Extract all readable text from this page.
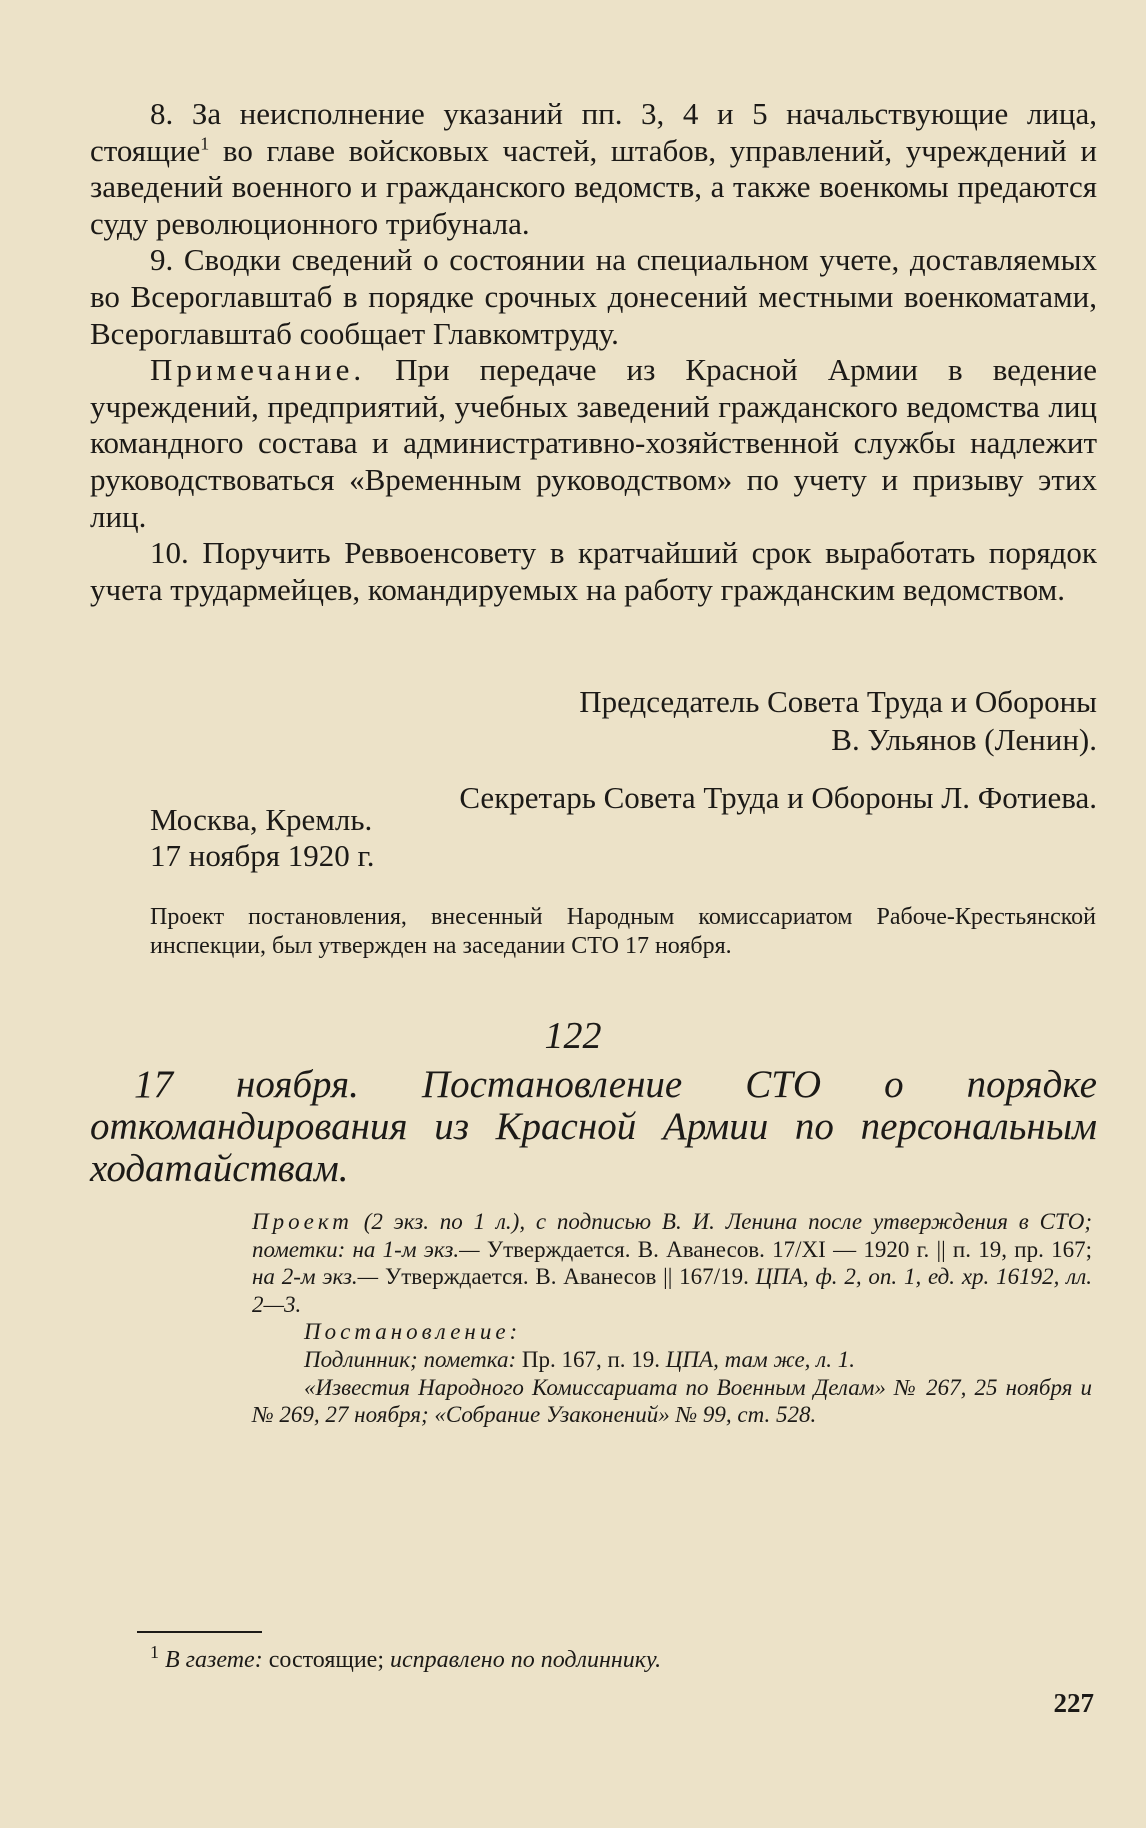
8. За неисполнение указаний пп. 3, 4 и 5 начальствующие лица, стоящие$^1$ во главе войсковых частей, штабов, управлений, учреждений и заведений военного и гражданского ведомств, а также военкомы предаются суду революционного трибунала.

9. Сводки сведений о состоянии на специальном учете, доставляемых во Всероглавштаб в порядке срочных донесений местными военкоматами, Всероглавштаб сообщает Главкомтруду.

Примечание. При передаче из Красной Армии в ведение учреждений, предприятий, учебных заведений гражданского ведомства лиц командного состава и административно-хозяйственной службы надлежит руководствоваться «Временным руководством» по учету и призыву этих лиц.

10. Поручить Реввоенсовету в кратчайший срок выработать порядок учета трудармейцев, командируемых на работу гражданским ведомством.

Председатель Совета Труда и Обороны

В. Ульянов (Ленин).

Секретарь Совета Труда и Обороны Л. Фотиева.

Москва, Кремль.
17 ноября 1920 г.

Проект постановления, внесенный Народным комиссариатом Рабоче-Крестьянской инспекции, был утвержден на заседании СТО 17 ноября.

122

17 ноября. Постановление СТО о порядке откомандирования из Красной Армии по персональным ходатайствам.

Проект (2 экз. по 1 л.), с подписью В. И. Ленина после утверждения в СТО; пометки: на 1-м экз.— Утверждается. В. Аванесов. 17/XI — 1920 г. || п. 19, пр. 167; на 2-м экз.— Утверждается. В. Аванесов || 167/19. ЦПА, ф. 2, оп. 1, ед. хр. 16192, лл. 2—3.

Постановление:

Подлинник; пометка: Пр. 167, п. 19. ЦПА, там же, л. 1.

«Известия Народного Комиссариата по Военным Делам» № 267, 25 ноября и № 269, 27 ноября; «Собрание Узаконений» № 99, ст. 528.

$^1$ В газете: состоящие; исправлено по подлиннику.

227
